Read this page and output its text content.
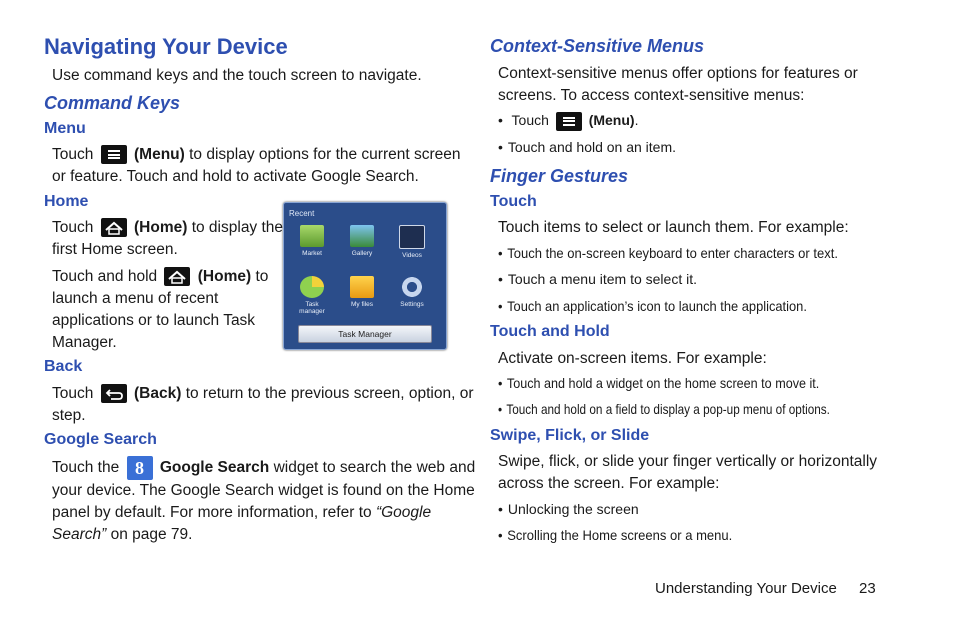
Navigating Your Device
Use command keys and the touch screen to navigate.
Command Keys
Menu
Touch	(Menu) to display options for the current screen
or feature. Touch and hold to activate Google Search.
Home
Touch	(Home) to display the
first Home screen.
Touch and hold	(Home) to
launch a menu of recent
applications or to launch Task
Manager.
Recent
Market	Gallery	Videos
Task manager
My files	Settings
Task Manager
Back
Touch	(Back) to return to the previous screen, option, or
step.
Google Search
Touch the 8 Google Search widget to search the web and
your device. The Google Search widget is found on the Home
panel by default. For more information, refer to “Google
Search” on page 79.
Context-Sensitive Menus
Context-sensitive menus offer options for features or
screens. To access context-sensitive menus:
• Touch	(Menu).
• Touch and hold on an item.
Finger Gestures
Touch
Touch items to select or launch them. For example:
• Touch the on-screen keyboard to enter characters or text.
• Touch a menu item to select it.
• Touch an application’s icon to launch the application.
Touch and Hold
Activate on-screen items. For example:
• Touch and hold a widget on the home screen to move it.
• Touch and hold on a field to display a pop-up menu of options.
Swipe, Flick, or Slide
Swipe, flick, or slide your finger vertically or horizontally
across the screen. For example:
• Unlocking the screen
• Scrolling the Home screens or a menu.
Understanding Your Device 23
